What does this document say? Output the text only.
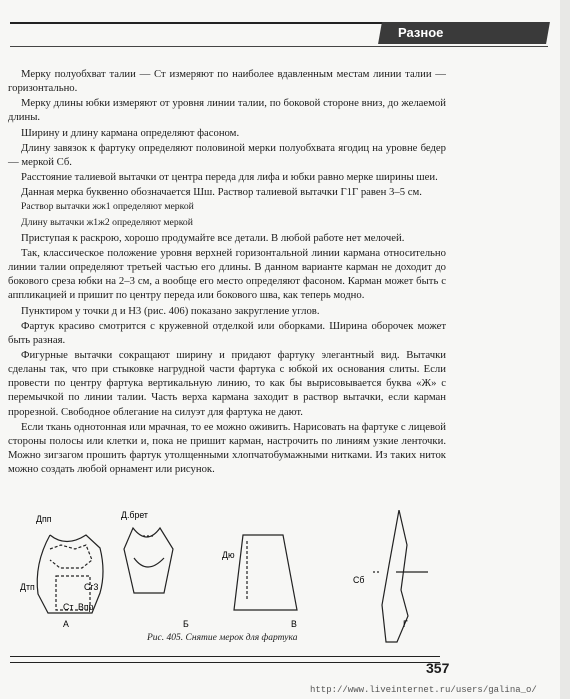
Разное

Мерку полуобхват талии — Ст измеряют по наиболее вдавленным местам линии талии — горизонтально.

Мерку длины юбки измеряют от уровня линии талии, по боковой стороне вниз, до желаемой длины.

Ширину и длину кармана определяют фасоном.

Длину завязок к фартуку определяют половиной мерки полуобхвата ягодиц на уровне бедер — меркой Сб.

Расстояние талиевой вытачки от центра переда для лифа и юбки равно мерке ширины шеи.

Данная мерка буквенно обозначается Шш. Раствор талиевой вытачки Г1Г равен 3–5 см.

Раствор вытачки жж1 определяют меркой

Длину вытачки ж1ж2 определяют меркой

Приступая к раскрою, хорошо продумайте все детали. В любой работе нет мелочей.

Так, классическое положение уровня верхней горизонтальной линии кармана относительно линии талии определяют третьей частью его длины. В данном варианте карман не доходит до бокового среза юбки на 2–3 см, а вообще его место определяют фасоном. Карман может быть с аппликацией и пришит по центру переда или бокового шва, как теперь модно.

Пунктиром у точки д и Н3 (рис. 406) показано закругление углов.

Фартук красиво смотрится с кружевной отделкой или оборками. Ширина оборочек может быть разная.

Фигурные вытачки сокращают ширину и придают фартуку элегантный вид. Вытачки сделаны так, что при стыковке нагрудной части фартука с юбкой их основания слиты. Если провести по центру фартука вертикальную линию, то как бы вырисовывается буква «Ж» с перемычкой по линии талии. Часть верха кармана заходит в раствор вытачки, если карман прорезной. Свободное облегание на силуэт для фартука не дают.

Если ткань однотонная или мрачная, то ее можно оживить. Нарисовать на фартуке с лицевой стороны полосы или клетки и, пока не пришит карман, настрочить по линиям узкие ленточки. Можно зигзагом прошить фартук утолщенными хлопчатобумажными нитками. Из таких ниток можно создать любой орнамент или рисунок.

Дпп
Дтп	Сг3
Ст Впр
Д.брет
Дю
Сб
А	Б	В	Г
Рис. 405. Снятие мерок для фартука
357
http://www.liveinternet.ru/users/galina_o/
